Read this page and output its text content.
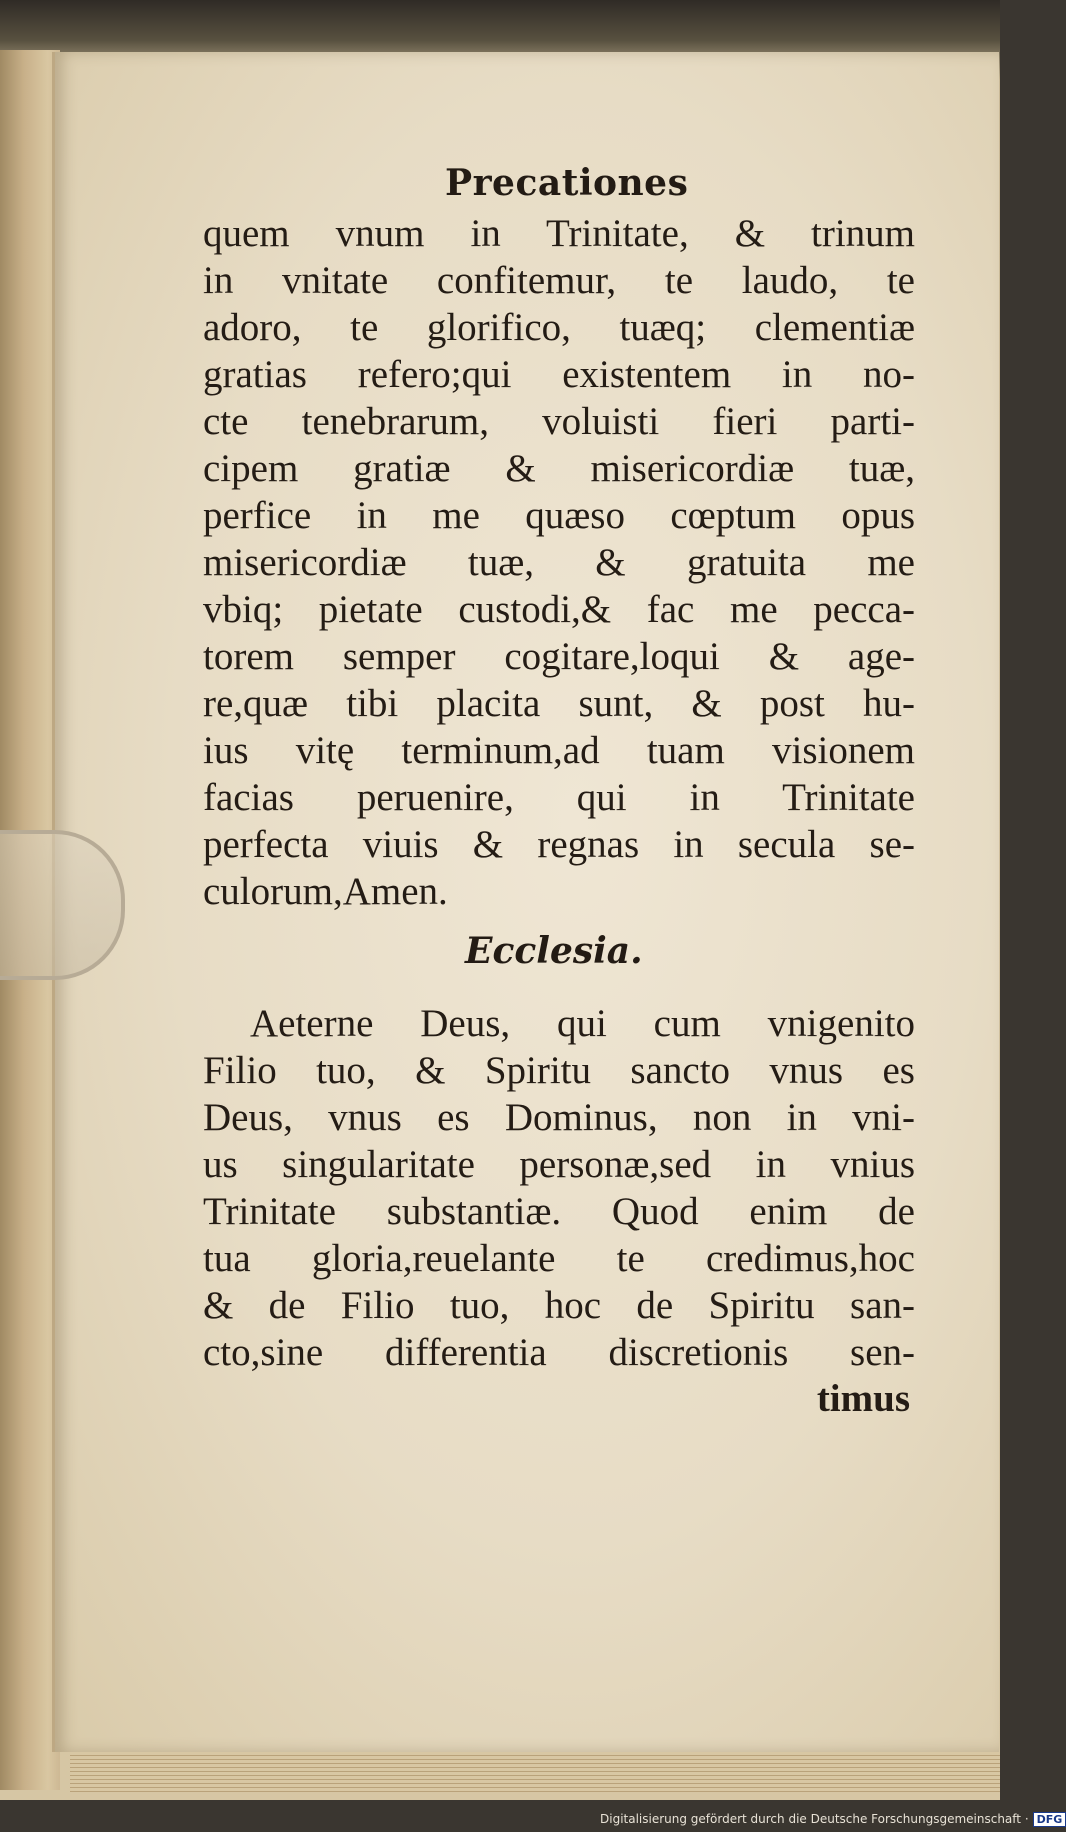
Precationes
quem vnum in Trinitate, & trinum
in vnitate confitemur, te laudo, te
adoro, te glorifico, tuæq; clementiæ
gratias refero;qui existentem in no-
cte tenebrarum, voluisti fieri parti-
cipem gratiæ & misericordiæ tuæ,
perfice in me quæso cœptum opus
misericordiæ tuæ, & gratuita me
vbiq; pietate custodi,& fac me pecca-
torem semper cogitare,loqui & age-
re,quæ tibi placita sunt, & post hu-
ius vitę terminum,ad tuam visionem
facias peruenire, qui in Trinitate
perfecta viuis & regnas in secula se-
culorum,Amen.
Ecclesia.
Aeterne Deus, qui cum vnigenito
Filio tuo, & Spiritu sancto vnus es
Deus, vnus es Dominus, non in vni-
us singularitate personæ,sed in vnius
Trinitate substantiæ. Quod enim de
tua gloria,reuelante te credimus,hoc
& de Filio tuo, hoc de Spiritu san-
cto,sine differentia discretionis sen-
timus
Digitalisierung gefördert durch die Deutsche Forschungsgemeinschaft · DFG
